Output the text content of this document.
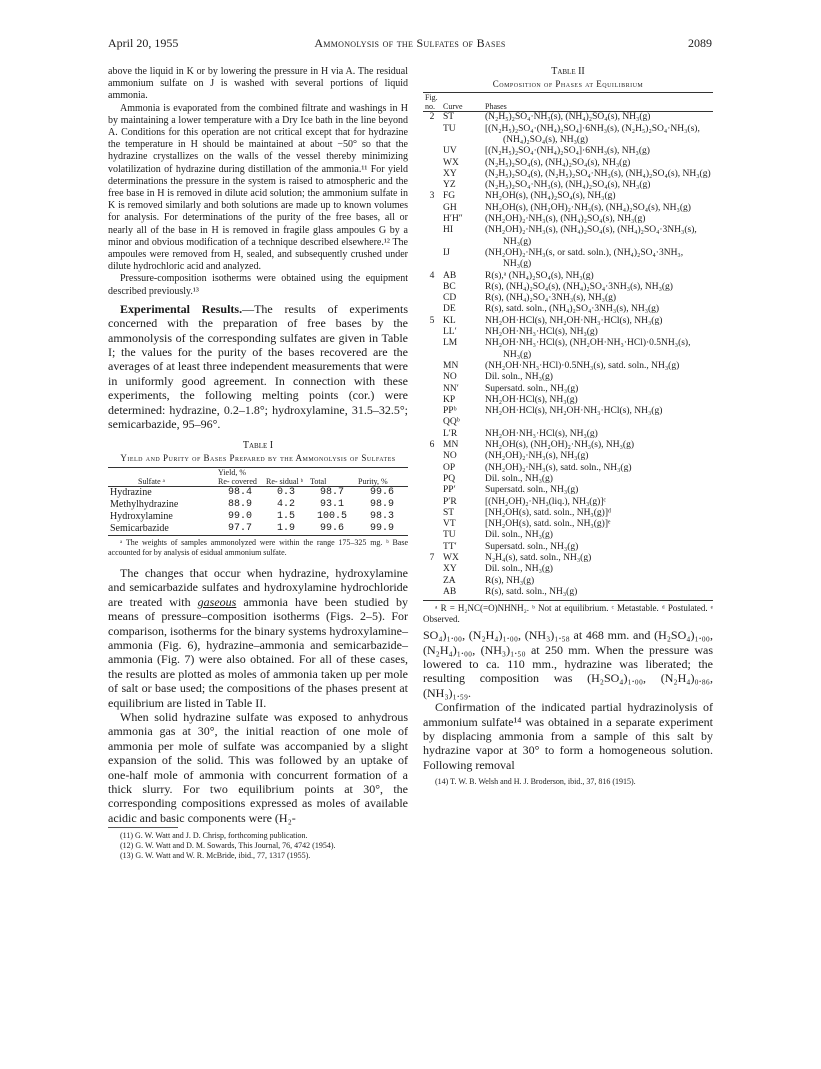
April 20, 1955	Ammonolysis of the Sulfates of Bases	2089

above the liquid in K or by lowering the pressure in H via A. The residual ammonium sulfate on J is washed with several portions of liquid ammonia.

Ammonia is evaporated from the combined filtrate and washings in H by maintaining a lower temperature with a Dry Ice bath in the line beyond A. Conditions for this operation are not critical except that for hydrazine the temperature in H should be maintained at about −50° so that the hydrazine crystallizes on the walls of the vessel thereby minimizing volatilization of hydrazine during distillation of the ammonia.¹¹ For yield determinations the pressure in the system is raised to atmospheric and the free base in H is removed in dilute acid solution; the ammonium sulfate in K is removed similarly and both solutions are made up to known volumes for analysis. For determinations of the purity of the free bases, all or nearly all of the base in H is removed in fragile glass ampoules G by a minor and obvious modification of a technique described elsewhere.¹² The ampoules were removed from H, sealed, and subsequently crushed under dilute hydrochloric acid and analyzed.

Pressure-composition isotherms were obtained using the equipment described previously.¹³

Experimental Results.—The results of experiments concerned with the preparation of free bases by the ammonolysis of the corresponding sulfates are given in Table I; the values for the purity of the bases recovered are the averages of at least three independent measurements that were in uniformly good agreement. In connection with these experiments, the following melting points (cor.) were determined: hydrazine, 0.2–1.8°; hydroxylamine, 31.5–32.5°; semicarbazide, 95–96°.

Table I

Yield and Purity of Bases Prepared by the Ammonolysis of Sulfates

	Yield, %			
Sulfate ᵃ	Re- covered	Re- sidual ᵇ	Total	Purity, %
Hydrazine	98.4	0.3	98.7	99.6
Methylhydrazine	88.9	4.2	93.1	98.9
Hydroxylamine	99.0	1.5	100.5	98.3
Semicarbazide	97.7	1.9	99.6	99.9

ᵃ The weights of samples ammonolyzed were within the range 175–325 mg. ᵇ Base accounted for by analysis of esidual ammonium sulfate.

The changes that occur when hydrazine, hydroxylamine and semicarbazide sulfates and hydroxylamine hydrochloride are treated with gaseous ammonia have been studied by means of pressure–composition isotherms (Figs. 2–5). For comparison, isotherms for the binary systems hydroxylamine–ammonia (Fig. 6), hydrazine–ammonia and semicarbazide–ammonia (Fig. 7) were also obtained. For all of these cases, the results are plotted as moles of ammonia taken up per mole of salt or base used; the compositions of the phases present at equilibrium are listed in Table II.

When solid hydrazine sulfate was exposed to anhydrous ammonia gas at 30°, the initial reaction of one mole of ammonia per mole of sulfate was accompanied by a slight expansion of the solid. This was followed by an uptake of one-half mole of ammonia with concurrent formation of a thick slurry. For two equilibrium points at 30°, the corresponding compositions expressed as moles of available acidic and basic components were (H₂-

(11) G. W. Watt and J. D. Chrisp, forthcoming publication.

(12) G. W. Watt and D. M. Sowards, This Journal, 76, 4742 (1954).

(13) G. W. Watt and W. R. McBride, ibid., 77, 1317 (1955).

Table II

Composition of Phases at Equilibrium

Fig. no.	Curve	Phases
2	ST	(N₂H₅)₂SO₄·NH₃(s), (NH₄)₂SO₄(s), NH₃(g)
	TU	[(N₂H₅)₂SO₄·(NH₄)₂SO₄]·6NH₃(s), (N₂H₅)₂SO₄·NH₃(s), (NH₄)₂SO₄(s), NH₃(g)
	UV	[(N₂H₅)₂SO₄·(NH₄)₂SO₄]·6NH₃(s), NH₃(g)
	WX	(N₂H₅)₂SO₄(s), (NH₄)₂SO₄(s), NH₃(g)
	XY	(N₂H₅)₂SO₄(s), (N₂H₅)₂SO₄·NH₃(s), (NH₄)₂SO₄(s), NH₃(g)
	YZ	(N₂H₅)₂SO₄·NH₃(s), (NH₄)₂SO₄(s), NH₃(g)
3	FG	NH₂OH(s), (NH₄)₂SO₄(s), NH₃(g)
	GH	NH₂OH(s), (NH₂OH)₂·NH₃(s), (NH₄)₂SO₄(s), NH₃(g)
	H′H″	(NH₂OH)₂·NH₃(s), (NH₄)₂SO₄(s), NH₃(g)
	HI	(NH₂OH)₂·NH₃(s), (NH₄)₂SO₄(s), (NH₄)₂SO₄·3NH₃(s), NH₃(g)
	IJ	(NH₂OH)₂·NH₃(s, or satd. soln.), (NH₄)₂SO₄·3NH₃, NH₃(g)
4	AB	R(s),ᵃ (NH₄)₂SO₄(s), NH₃(g)
	BC	R(s), (NH₄)₂SO₄(s), (NH₄)₂SO₄·3NH₃(s), NH₃(g)
	CD	R(s), (NH₄)₂SO₄·3NH₃(s), NH₃(g)
	DE	R(s), satd. soln., (NH₄)₂SO₄·3NH₃(s), NH₃(g)
5	KL	NH₂OH·HCl(s), NH₂OH·NH₃·HCl(s), NH₃(g)
	LL′	NH₂OH·NH₃·HCl(s), NH₃(g)
	LM	NH₂OH·NH₃·HCl(s), (NH₂OH·NH₃·HCl)·0.5NH₃(s), NH₃(g)
	MN	(NH₂OH·NH₃·HCl)·0.5NH₃(s), satd. soln., NH₃(g)
	NO	Dil. soln., NH₃(g)
	NN′	Supersatd. soln., NH₃(g)
	KP	NH₂OH·HCl(s), NH₃(g)
	PPᵇ	NH₂OH·HCl(s), NH₂OH·NH₃·HCl(s), NH₃(g)
	QQᵇ	
	L′R	NH₂OH·NH₃·HCl(s), NH₃(g)
6	MN	NH₂OH(s), (NH₂OH)₂·NH₃(s), NH₃(g)
	NO	(NH₂OH)₂·NH₃(s), NH₃(g)
	OP	(NH₂OH)₂·NH₃(s), satd. soln., NH₃(g)
	PQ	Dil. soln., NH₃(g)
	PP′	Supersatd. soln., NH₃(g)
	P′R	[(NH₂OH)₂·NH₃(liq.), NH₃(g)]ᶜ
	ST	[NH₂OH(s), satd. soln., NH₃(g)]ᵈ
	VT	[NH₂OH(s), satd. soln., NH₃(g)]ᵉ
	TU	Dil. soln., NH₃(g)
	TT′	Supersatd. soln., NH₃(g)
7	WX	N₂H₄(s), satd. soln., NH₃(g)
	XY	Dil. soln., NH₃(g)
	ZA	R(s), NH₃(g)
	AB	R(s), satd. soln., NH₃(g)

ᵃ R = H₂NC(=O)NHNH₂. ᵇ Not at equilibrium. ᶜ Metastable. ᵈ Postulated. ᵉ Observed.

SO₄)₁.₀₀, (N₂H₄)₁.₀₀, (NH₃)₁.₅₈ at 468 mm. and (H₂SO₄)₁.₀₀, (N₂H₄)₁.₀₀, (NH₃)₁.₅₀ at 250 mm. When the pressure was lowered to ca. 110 mm., hydrazine was liberated; the resulting composition was (H₂SO₄)₁.₀₀, (N₂H₄)₀.₈₆, (NH₃)₁.₅₉.

Confirmation of the indicated partial hydrazinolysis of ammonium sulfate¹⁴ was obtained in a separate experiment by displacing ammonia from a sample of this salt by hydrazine vapor at 30° to form a homogeneous solution. Following removal

(14) T. W. B. Welsh and H. J. Broderson, ibid., 37, 816 (1915).
